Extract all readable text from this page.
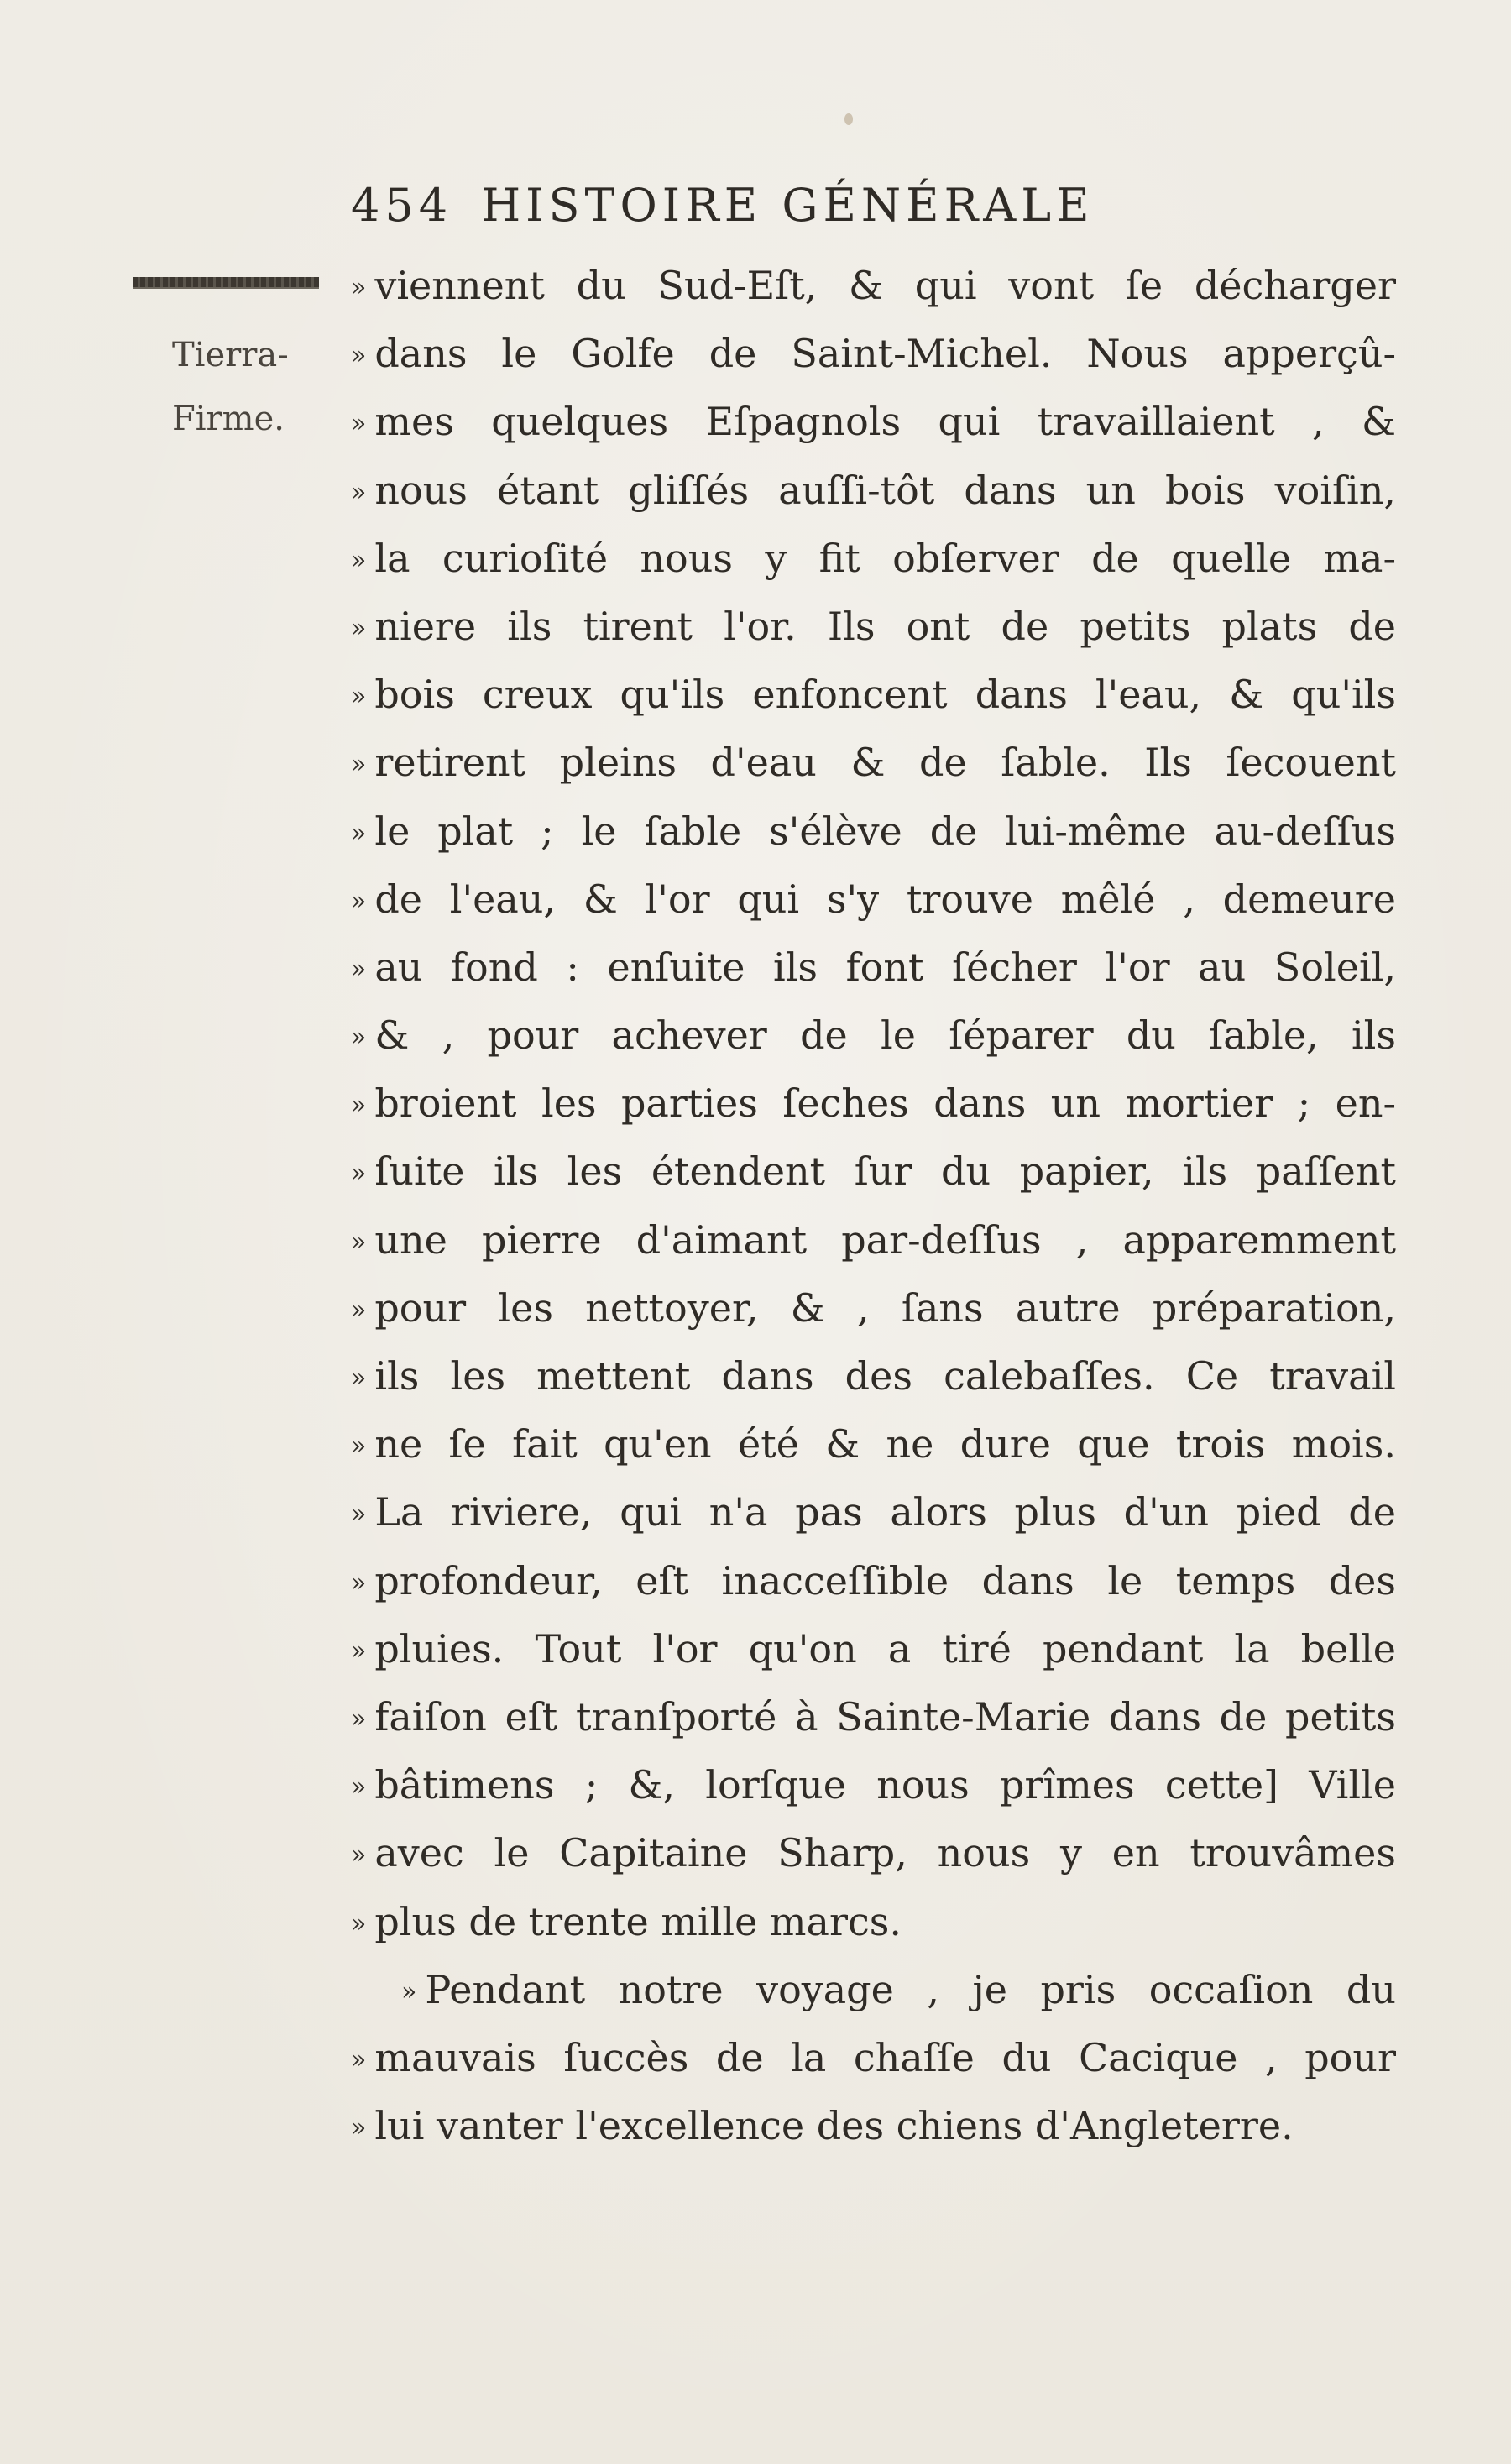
454 HISTOIRE GÉNÉRALE
Tierra-
Firme.
» viennent du Sud-Eſt, & qui vont ſe décharger
» dans le Golfe de Saint-Michel. Nous apperçû-
» mes quelques Eſpagnols qui travaillaient , &
» nous étant gliſſés auſſi-tôt dans un bois voiſin,
» la curioſité nous y fit obſerver de quelle ma-
» niere ils tirent l'or. Ils ont de petits plats de
» bois creux qu'ils enfoncent dans l'eau, & qu'ils
» retirent pleins d'eau & de ſable. Ils ſecouent
» le plat ; le ſable s'élève de lui-même au-deſſus
» de l'eau, & l'or qui s'y trouve mêlé , demeure
» au fond : enſuite ils font ſécher l'or au Soleil,
» & , pour achever de le ſéparer du ſable, ils
» broient les parties ſeches dans un mortier ; en-
» ſuite ils les étendent ſur du papier, ils paſſent
» une pierre d'aimant par-deſſus , apparemment
» pour les nettoyer, & , ſans autre préparation,
» ils les mettent dans des calebaſſes. Ce travail
» ne ſe fait qu'en été & ne dure que trois mois.
» La riviere, qui n'a pas alors plus d'un pied de
» profondeur, eſt inacceſſible dans le temps des
» pluies. Tout l'or qu'on a tiré pendant la belle
» faiſon eſt tranſporté à Sainte-Marie dans de petits
» bâtimens ; &, lorſque nous prîmes cette] Ville
» avec le Capitaine Sharp, nous y en trouvâmes
» plus de trente mille marcs.
» Pendant notre voyage , je pris occaſion du
» mauvais ſuccès de la chaſſe du Cacique , pour
» lui vanter l'excellence des chiens d'Angleterre.
